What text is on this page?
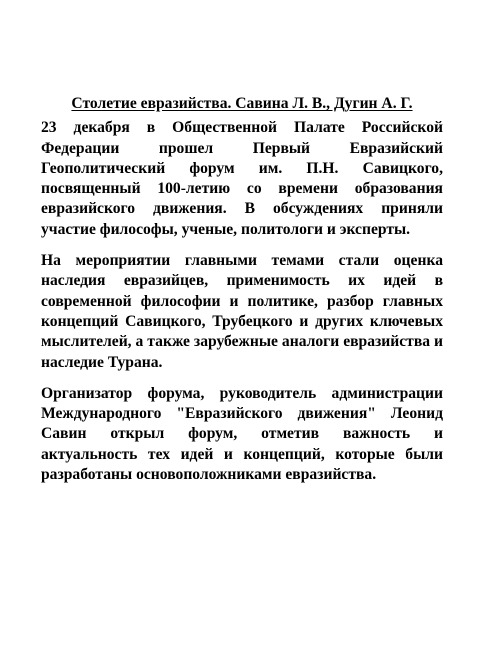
Столетие евразийства. Савина Л. В., Дугин А. Г.

23 декабря в Общественной Палате Российской Федерации прошел Первый Евразийский Геополитический форум им. П.Н. Савицкого, посвященный 100-летию со времени образования евразийского движения. В обсуждениях приняли участие философы, ученые, политологи и эксперты.

На мероприятии главными темами стали оценка наследия евразийцев, применимость их идей в современной философии и политике, разбор главных концепций Савицкого, Трубецкого и других ключевых мыслителей, а также зарубежные аналоги евразийства и наследие Турана.

Организатор форума, руководитель администрации Международного "Евразийского движения" Леонид Савин открыл форум, отметив важность и актуальность тех идей и концепций, которые были разработаны основоположниками евразийства.
